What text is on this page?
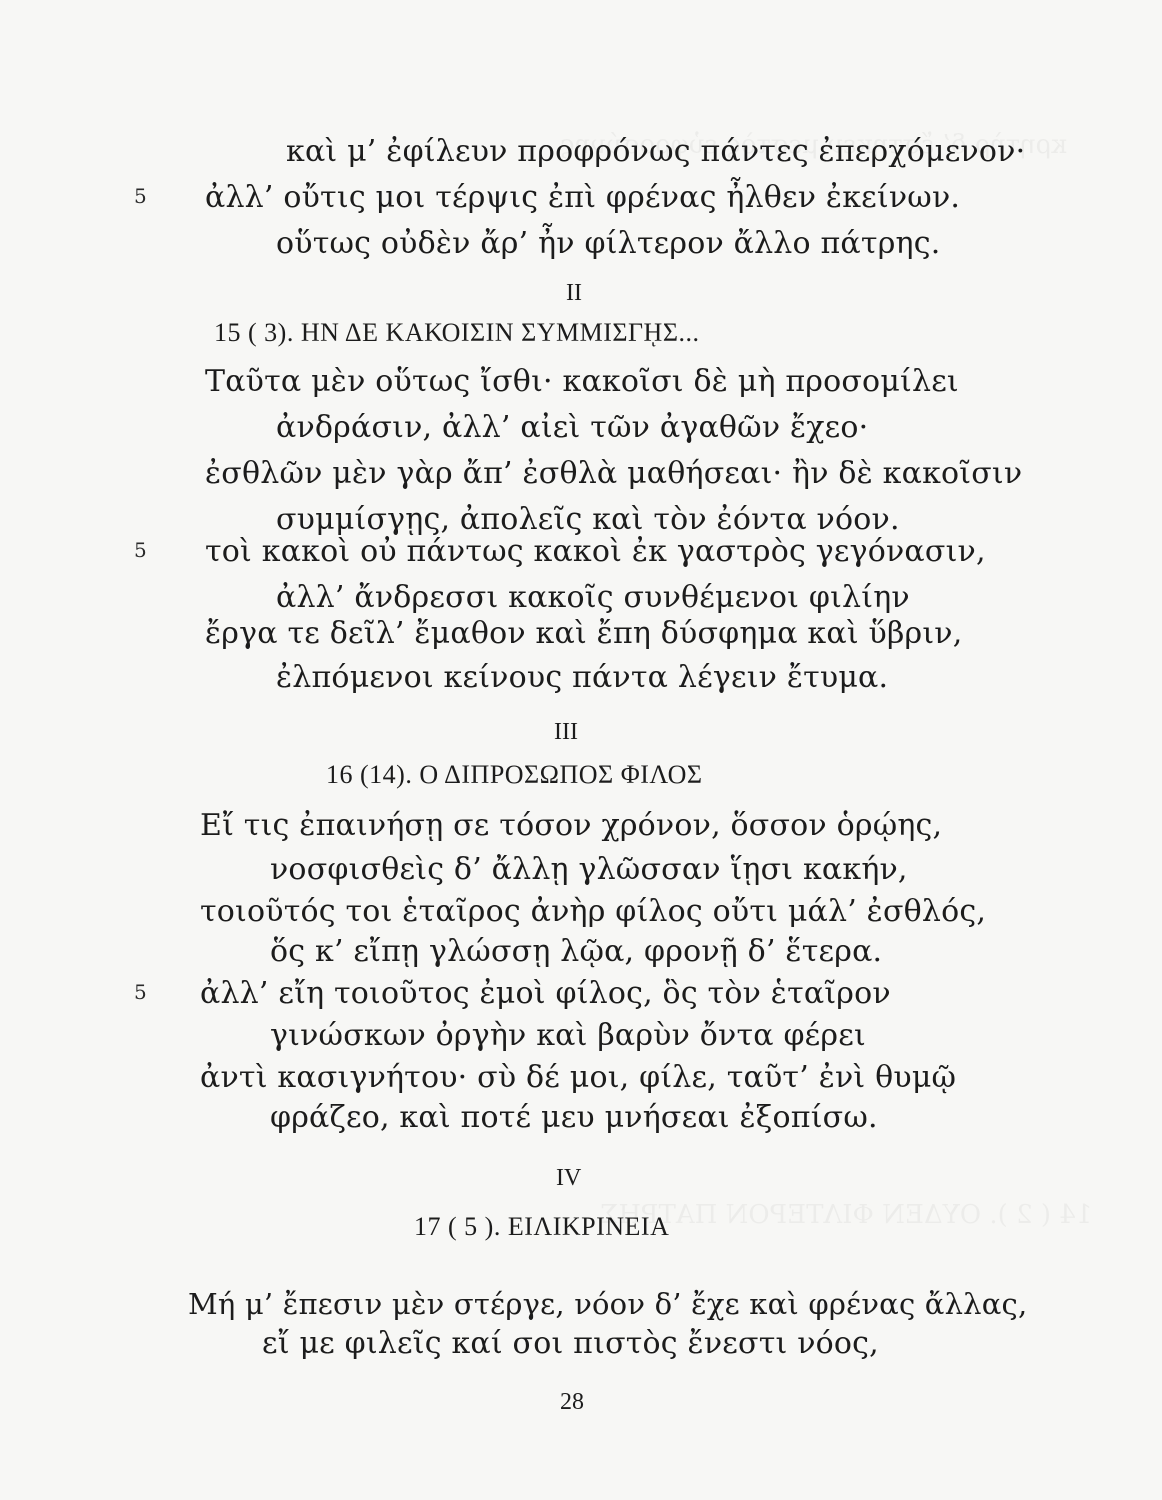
καὶ μ’ ἐφίλευν προφρόνως πάντες ἐπερχόμενον·
5 ἀλλ’ οὔτις μοι τέρψις ἐπὶ φρένας ἦλθεν ἐκείνων.
οὕτως οὐδὲν ἄρ’ ἦν φίλτερον ἄλλο πάτρης.
II
15 ( 3). ΗΝ ΔΕ ΚΑΚΟΙΣΙΝ ΣΥΜΜΙΣΓῌΣ...
Ταῦτα μὲν οὕτως ἴσθι· κακοῖσι δὲ μὴ προσομίλει
ἀνδράσιν, ἀλλ’ αἰεὶ τῶν ἀγαθῶν ἔχεο·
ἐσθλῶν μὲν γὰρ ἄπ’ ἐσθλὰ μαθήσεαι· ἢν δὲ κακοῖσιν
συμμίσγῃς, ἀπολεῖς καὶ τὸν ἐόντα νόον.
5 τοὶ κακοὶ οὐ πάντως κακοὶ ἐκ γαστρὸς γεγόνασιν,
ἀλλ’ ἄνδρεσσι κακοῖς συνθέμενοι φιλίην
ἔργα τε δεῖλ’ ἔμαθον καὶ ἔπη δύσφημα καὶ ὕβριν,
ἐλπόμενοι κείνους πάντα λέγειν ἔτυμα.
III
16 (14). Ο ΔΙΠΡΟΣΩΠΟΣ ΦΙΛΟΣ
Εἴ τις ἐπαινήσῃ σε τόσον χρόνον, ὅσσον ὁρῴης,
νοσφισθεὶς δ’ ἄλλῃ γλῶσσαν ἵῃσι κακήν,
τοιοῦτός τοι ἑταῖρος ἀνὴρ φίλος οὔτι μάλ’ ἐσθλός,
ὅς κ’ εἴπῃ γλώσσῃ λῷα, φρονῇ δ’ ἕτερα.
5 ἀλλ’ εἴη τοιοῦτος ἐμοὶ φίλος, ὃς τὸν ἑταῖρον
γινώσκων ὀργὴν καὶ βαρὺν ὄντα φέρει
ἀντὶ κασιγνήτου· σὺ δέ μοι, φίλε, ταῦτ’ ἐνὶ θυμῷ
φράζεο, καὶ ποτέ μευ μνήσεαι ἐξοπίσω.
IV
17 ( 5 ). ΕΙΛΙΚΡΙΝΕΙΑ
Μή μ’ ἔπεσιν μὲν στέργε, νόον δ’ ἔχε καὶ φρένας ἄλλας,
εἴ με φιλεῖς καί σοι πιστὸς ἔνεστι νόος,
28
